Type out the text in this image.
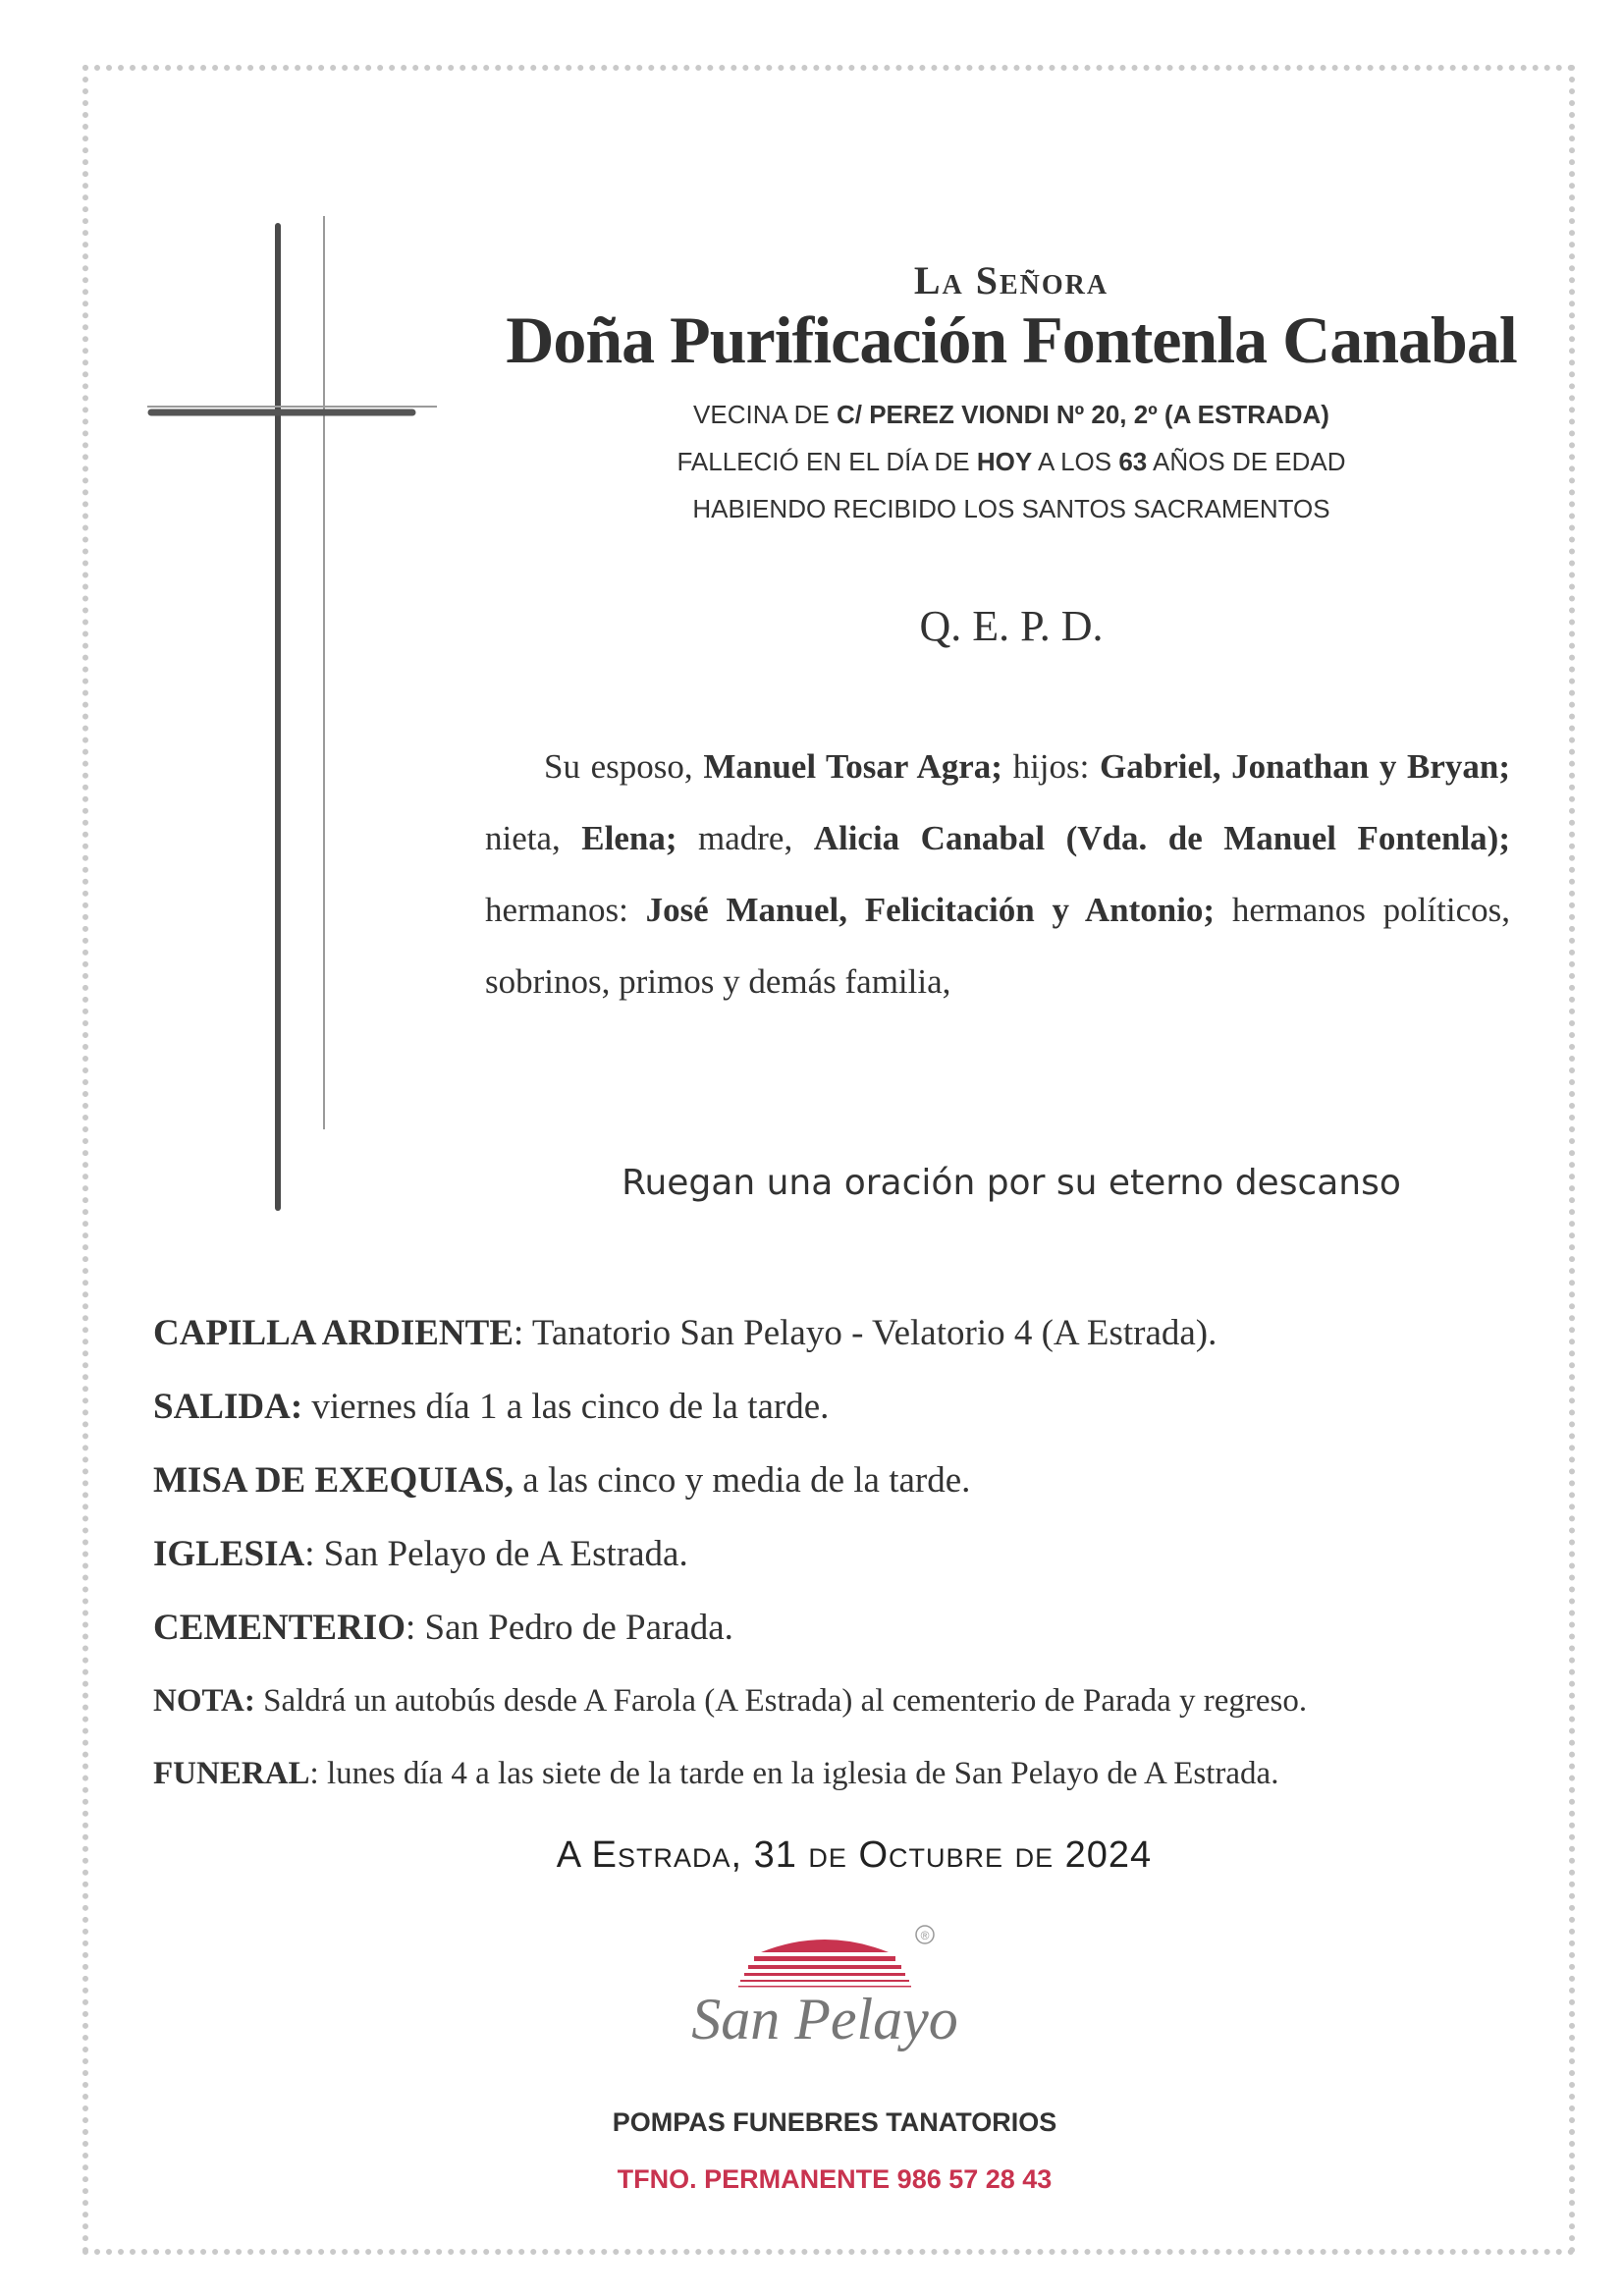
La Señora
Doña Purificación Fontenla Canabal
VECINA DE C/ PEREZ VIONDI Nº 20, 2º (A ESTRADA)
FALLECIÓ EN EL DÍA DE HOY A LOS 63 AÑOS DE EDAD
HABIENDO RECIBIDO LOS SANTOS SACRAMENTOS
Q. E. P. D.
Su esposo, Manuel Tosar Agra; hijos: Gabriel, Jonathan y Bryan; nieta, Elena; madre, Alicia Canabal (Vda. de Manuel Fontenla); hermanos: José Manuel, Felicitación y Antonio; hermanos políticos, sobrinos, primos y demás familia,
Ruegan una oración por su eterno descanso
CAPILLA ARDIENTE: Tanatorio San Pelayo - Velatorio 4 (A Estrada).
SALIDA: viernes día 1 a las cinco de la tarde.
MISA DE EXEQUIAS, a las cinco y media de la tarde.
IGLESIA: San Pelayo de A Estrada.
CEMENTERIO: San Pedro de Parada.
NOTA: Saldrá un autobús desde A Farola (A Estrada) al cementerio de Parada y regreso.
FUNERAL: lunes día 4 a las siete de la tarde en la iglesia de San Pelayo de A Estrada.
A Estrada, 31 de Octubre de 2024
®
San Pelayo
POMPAS FUNEBRES TANATORIOS
TFNO. PERMANENTE 986 57 28 43
